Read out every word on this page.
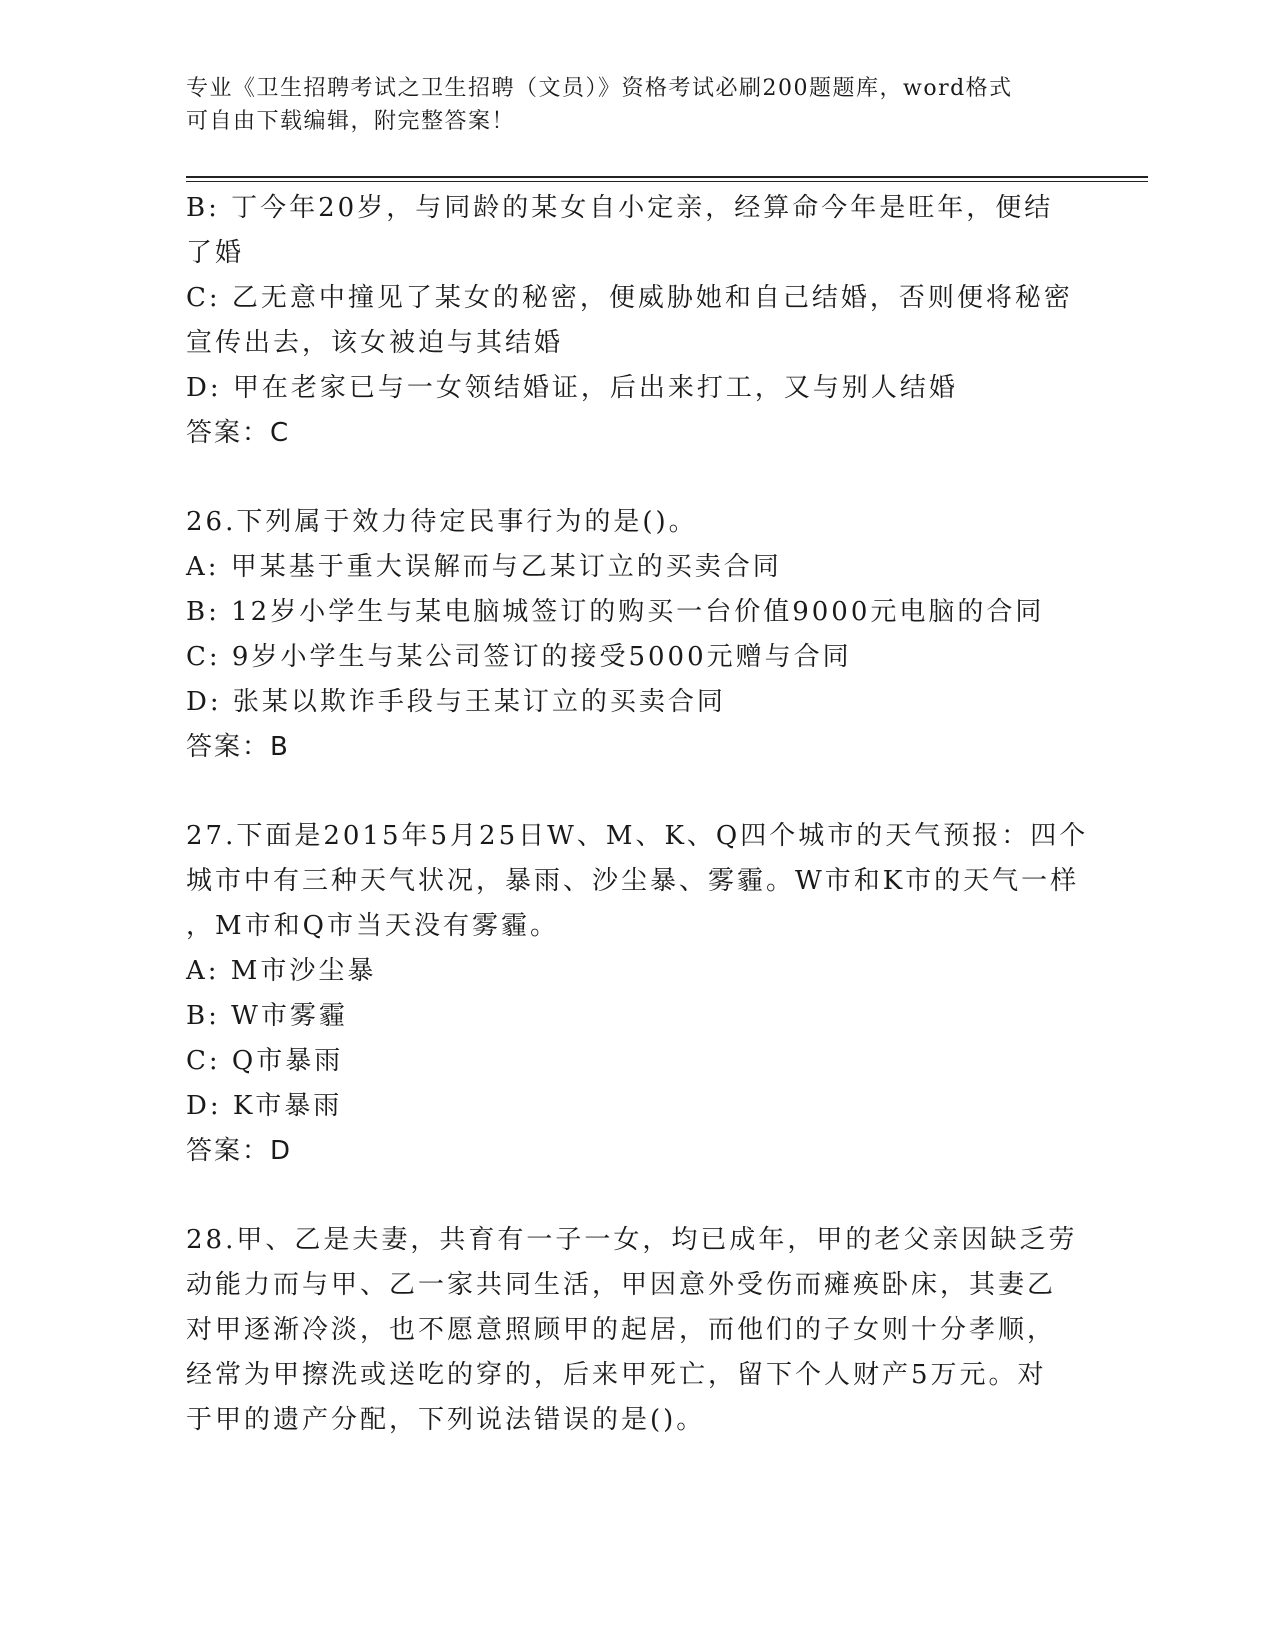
专业《卫生招聘考试之卫生招聘（文员）》资格考试必刷200题题库，word格式
可自由下载编辑，附完整答案！
B: 丁今年20岁，与同龄的某女自小定亲，经算命今年是旺年，便结
了婚
C: 乙无意中撞见了某女的秘密，便威胁她和自己结婚，否则便将秘密
宣传出去，该女被迫与其结婚
D: 甲在老家已与一女领结婚证，后出来打工，又与别人结婚
答案：C
26.下列属于效力待定民事行为的是()。
A: 甲某基于重大误解而与乙某订立的买卖合同
B: 12岁小学生与某电脑城签订的购买一台价值9000元电脑的合同
C: 9岁小学生与某公司签订的接受5000元赠与合同
D: 张某以欺诈手段与王某订立的买卖合同
答案：B
27.下面是2015年5月25日W、M、K、Q四个城市的天气预报：四个
城市中有三种天气状况，暴雨、沙尘暴、雾霾。W市和K市的天气一样
，M市和Q市当天没有雾霾。
A: M市沙尘暴
B: W市雾霾
C: Q市暴雨
D: K市暴雨
答案：D
28.甲、乙是夫妻，共育有一子一女，均已成年，甲的老父亲因缺乏劳
动能力而与甲、乙一家共同生活，甲因意外受伤而瘫痪卧床，其妻乙
对甲逐渐冷淡，也不愿意照顾甲的起居，而他们的子女则十分孝顺，
经常为甲擦洗或送吃的穿的，后来甲死亡，留下个人财产5万元。对
于甲的遗产分配，下列说法错误的是()。
